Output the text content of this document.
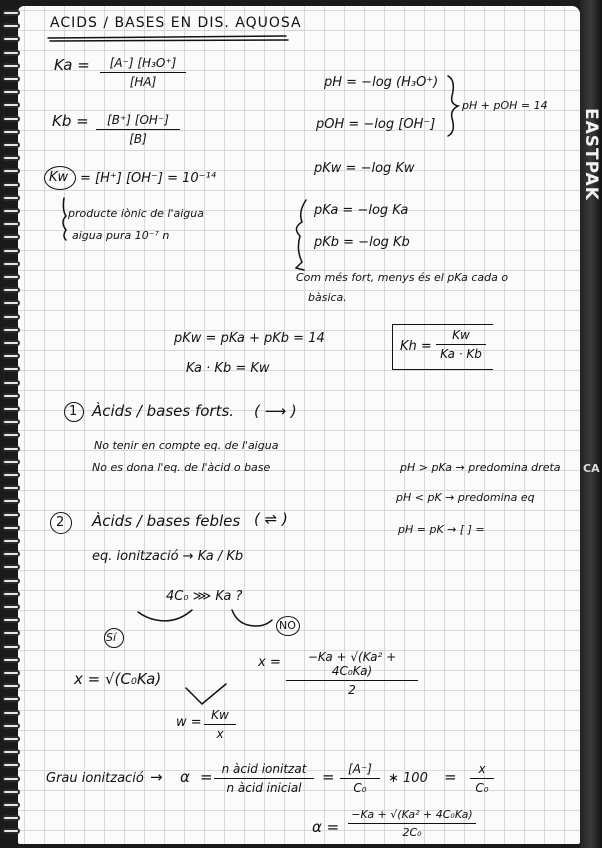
EASTPAK
CA
ACIDS / BASES EN DIS. AQUOSA
$Ka = \frac{\text{[A⁻] [H₃O⁺]}}{[HA]}$
$Kb = \frac{[B^+] [OH^-]}{[B]}$
pH = −log (H₃O⁺)
pOH = −log [OH⁻]
pH + pOH = 14
Kw = [H⁺] [OH⁻] = 10⁻¹⁴
producte iònic de l'aigua
aigua pura 10⁻⁷ n
pKw = −log Kw
pKa = −log Ka
pKb = −log Kb
Com més fort, menys és el pKa cada o
bàsica.
pKw = pKa + pKb = 14
Ka · Kb = Kw
$Kh = \frac{Kw}{Ka \cdot Kb}$
1 Àcids / bases forts. ( ⟶ )
No tenir en compte eq. de l'aigua
No es dona l'eq. de l'àcid o base	pH > pKa → predomina dreta
pH < pK → predomina eq
pH = pK → [ ] =
2 Àcids / bases febles ( ⇌ )
eq. ionització → Ka / Kb
4C₀ ⋙ Ka ?
Sí
NO
x = √(C₀Ka)
$x = \frac{\text{−Ka + √(Ka² + 4C₀Ka)}}{2}$
$w = \frac{Kw}{x}$
Grau ionització → α = n àcid ionitzat
n àcid inicial
= $\frac{[A^-]}{\text{C₀}}$ ∗ $100 = \frac{x}{\text{C₀}}$
$\alpha = \frac{\text{−Ka + √(Ka² + 4C₀Ka)}}{\text{2C₀}}$
